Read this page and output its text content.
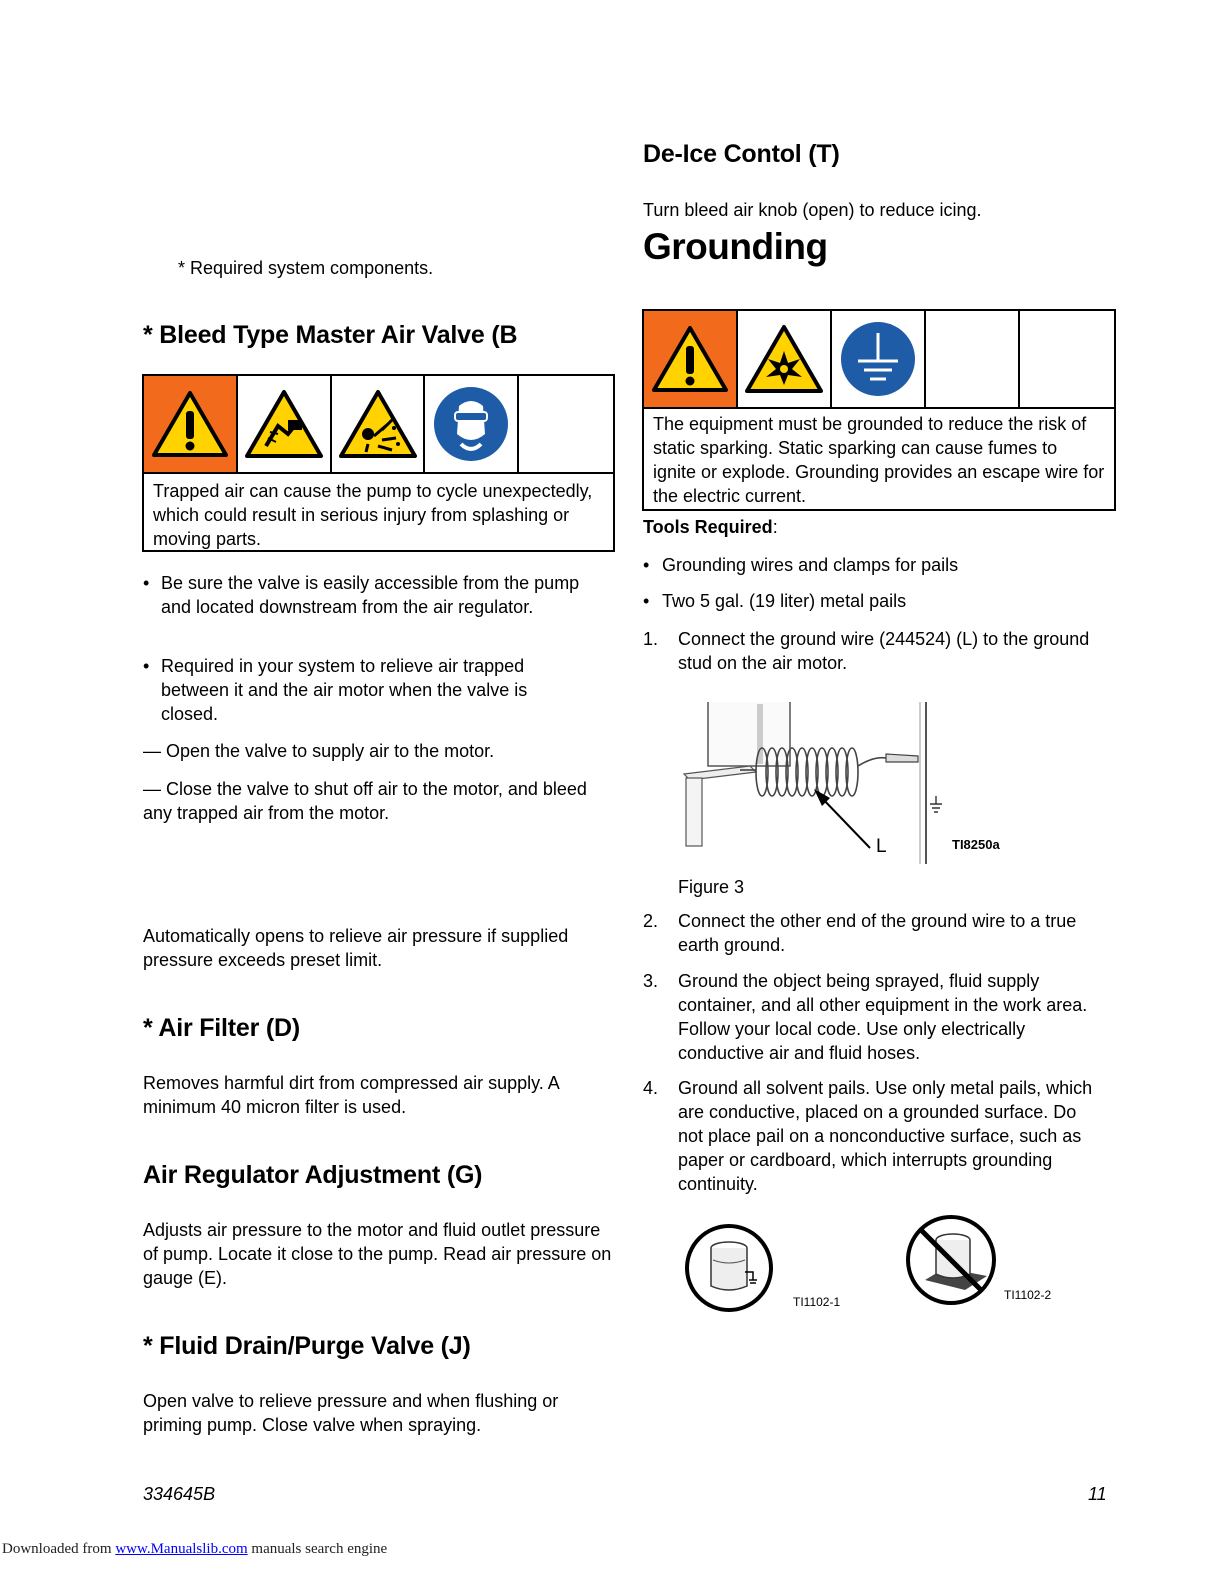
* Required system components.
* Bleed Type Master Air Valve (B
Trapped air can cause the pump to cycle unexpectedly, which could result in serious injury from splashing or moving parts.
• Be sure the valve is easily accessible from the pump and located downstream from the air regulator.
• Required in your system to relieve air trapped between it and the air motor when the valve is closed.
— Open the valve to supply air to the motor.
— Close the valve to shut off air to the motor, and bleed any trapped air from the motor.
Automatically opens to relieve air pressure if supplied pressure exceeds preset limit.
* Air Filter (D)
Removes harmful dirt from compressed air supply. A minimum 40 micron filter is used.
Air Regulator Adjustment (G)
Adjusts air pressure to the motor and fluid outlet pressure of pump. Locate it close to the pump. Read air pressure on gauge (E).
* Fluid Drain/Purge Valve (J)
Open valve to relieve pressure and when flushing or priming pump. Close valve when spraying.
De-Ice Contol (T)
Turn bleed air knob (open) to reduce icing.
Grounding
The equipment must be grounded to reduce the risk of static sparking. Static sparking can cause fumes to ignite or explode. Grounding provides an escape wire for the electric current.
Tools Required:
• Grounding wires and clamps for pails
• Two 5 gal. (19 liter) metal pails
1.	Connect the ground wire (244524) (L) to the ground stud on the air motor.
L	TI8250a
Figure 3
2.	Connect the other end of the ground wire to a true earth ground.
3.	Ground the object being sprayed, fluid supply container, and all other equipment in the work area. Follow your local code. Use only electrically conductive air and fluid hoses.
4.	Ground all solvent pails. Use only metal pails, which are conductive, placed on a grounded surface. Do not place pail on a nonconductive surface, such as paper or cardboard, which interrupts grounding continuity.
TI1102-1	TI1102-2
334645B	11
Downloaded from www.Manualslib.com manuals search engine
